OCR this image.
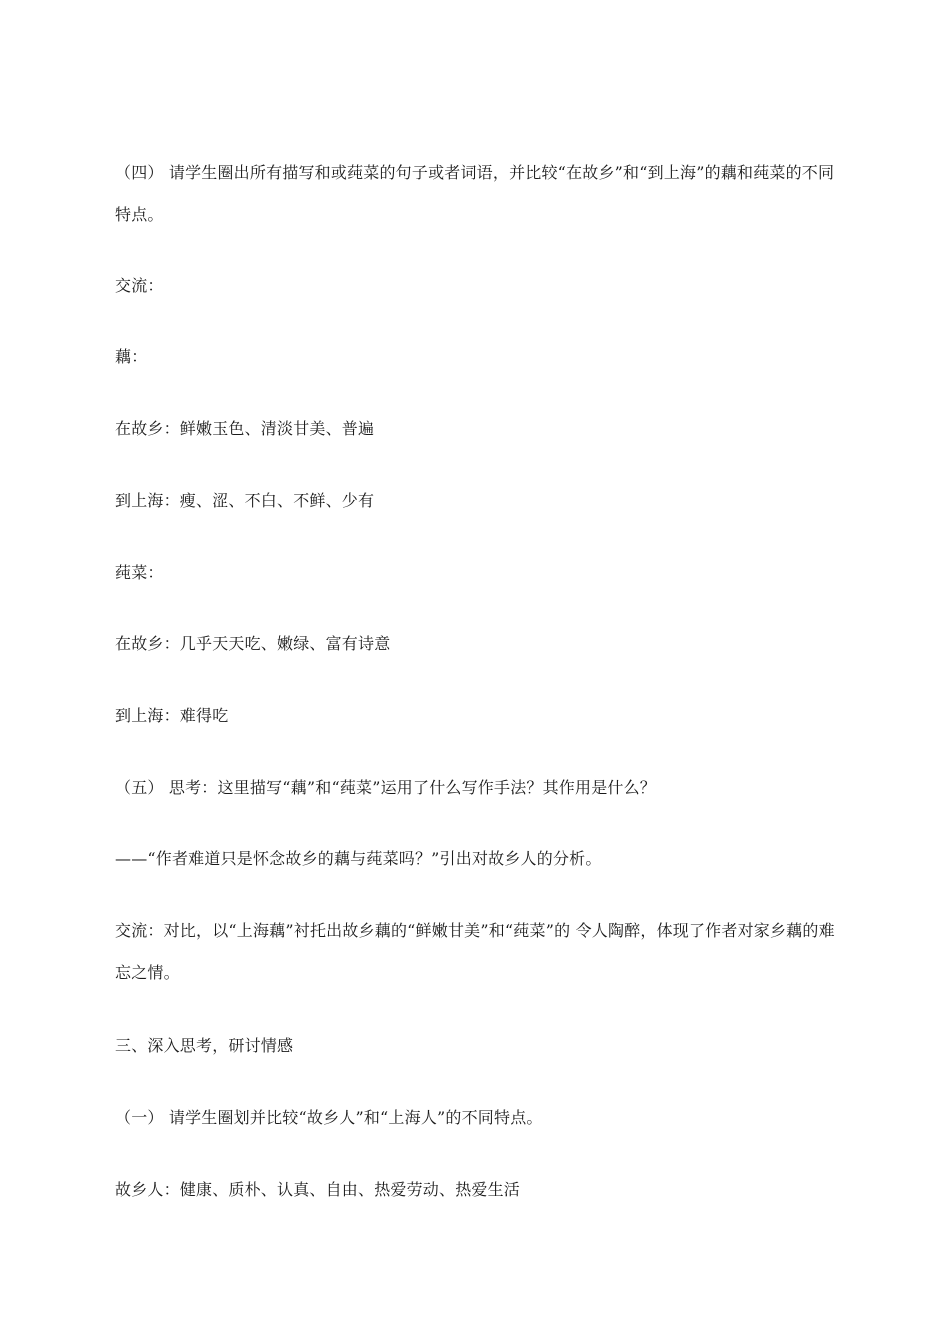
（四） 请学生圈出所有描写和或莼菜的句子或者词语，并比较“在故乡”和“到上海”的藕和莼菜的不同特点。
交流：
藕：
在故乡：鲜嫩玉色、清淡甘美、普遍
到上海：瘦、涩、不白、不鲜、少有
莼菜：
在故乡：几乎天天吃、嫩绿、富有诗意
到上海：难得吃
（五） 思考：这里描写“藕”和“莼菜”运用了什么写作手法？其作用是什么？
——“作者难道只是怀念故乡的藕与莼菜吗？”引出对故乡人的分析。
交流：对比，以“上海藕”衬托出故乡藕的“鲜嫩甘美”和“莼菜”的 令人陶醉，体现了作者对家乡藕的难忘之情。
三、深入思考，研讨情感
（一） 请学生圈划并比较“故乡人”和“上海人”的不同特点。
故乡人：健康、质朴、认真、自由、热爱劳动、热爱生活
